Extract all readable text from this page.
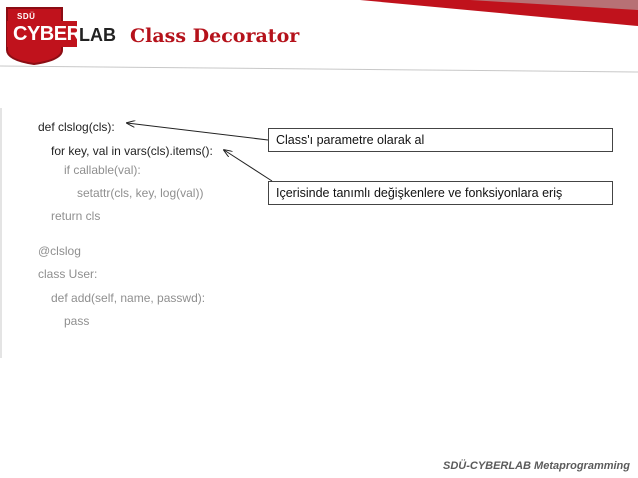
SDÜ
CYBER
LAB Class Decorator
def clslog(cls):
for key, val in vars(cls).items():
if callable(val):
setattr(cls, key, log(val))
return cls
@clslog
class User:
def add(self, name, passwd):
pass
Class'ı parametre olarak al
Içerisinde tanımlı değişkenlere ve fonksiyonlara eriş
SDÜ-CYBERLAB Metaprogramming
